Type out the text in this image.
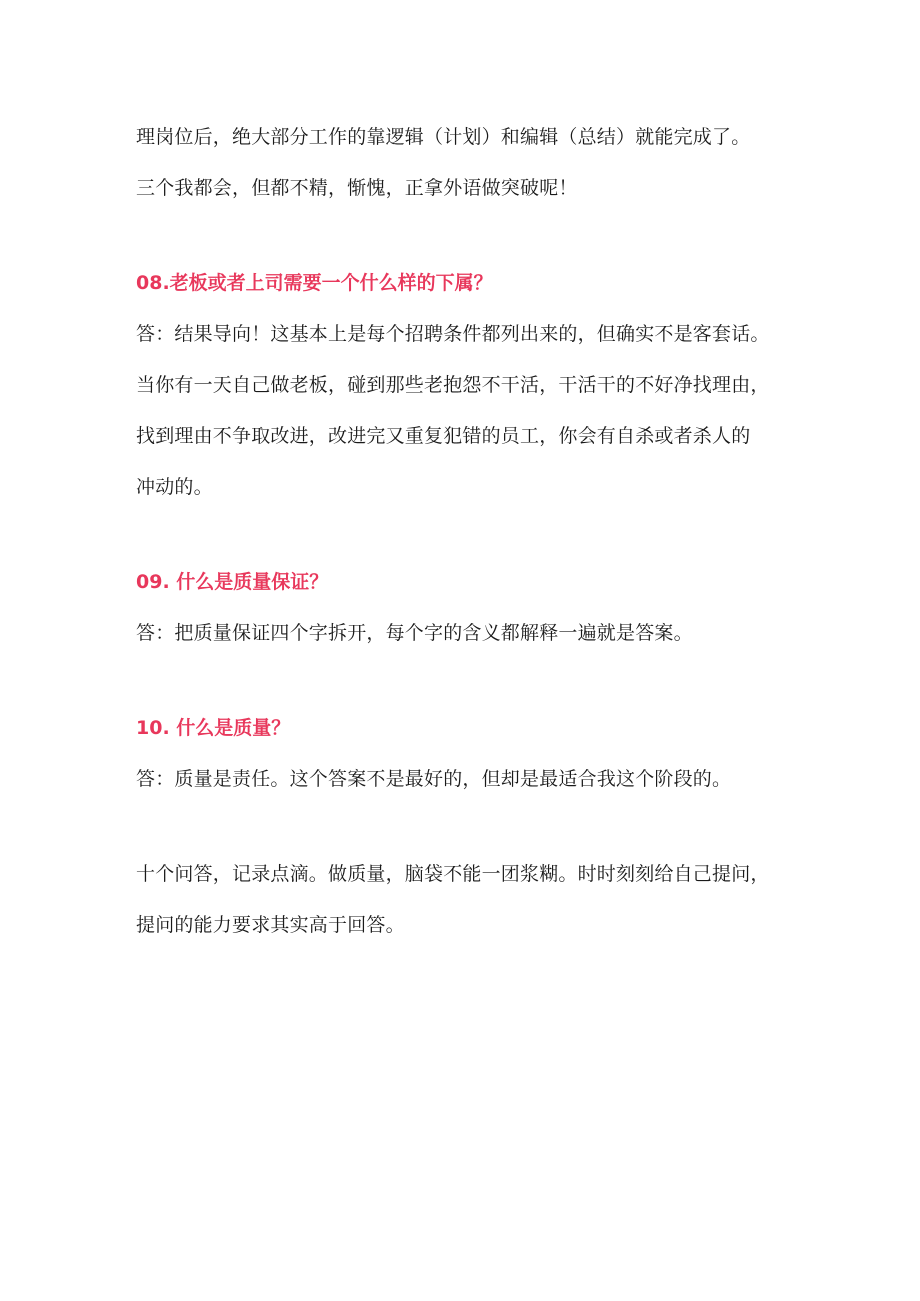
理岗位后，绝大部分工作的靠逻辑（计划）和编辑（总结）就能完成了。
三个我都会，但都不精，惭愧，正拿外语做突破呢！
08.老板或者上司需要一个什么样的下属？
答：结果导向！这基本上是每个招聘条件都列出来的，但确实不是客套话。
当你有一天自己做老板，碰到那些老抱怨不干活，干活干的不好净找理由，
找到理由不争取改进，改进完又重复犯错的员工，你会有自杀或者杀人的
冲动的。
09. 什么是质量保证？
答：把质量保证四个字拆开，每个字的含义都解释一遍就是答案。
10. 什么是质量？
答：质量是责任。这个答案不是最好的，但却是最适合我这个阶段的。
十个问答，记录点滴。做质量，脑袋不能一团浆糊。时时刻刻给自己提问，
提问的能力要求其实高于回答。
